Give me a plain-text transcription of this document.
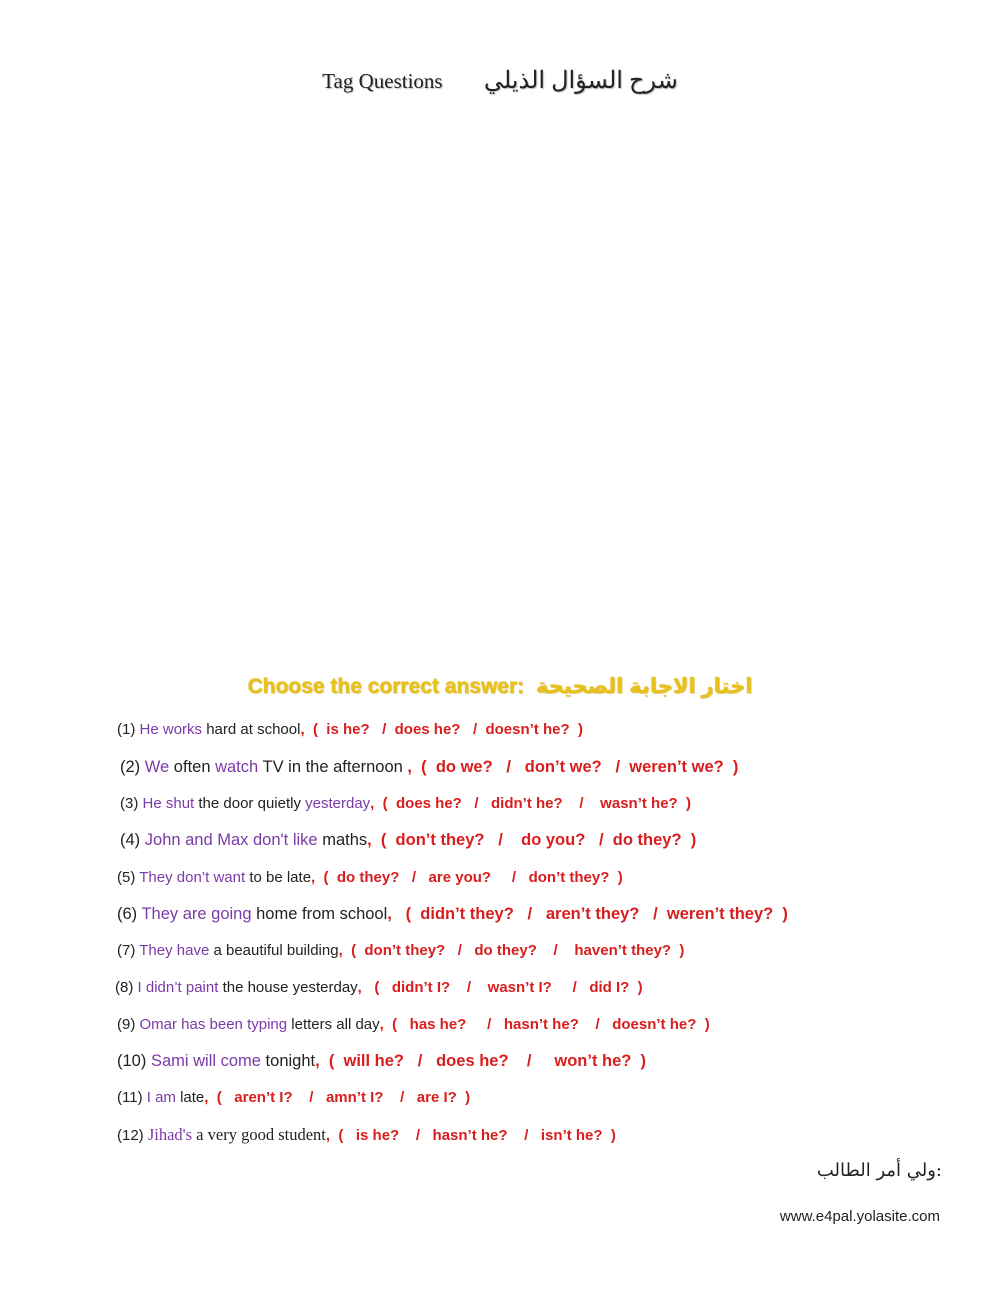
Tag Questions شرح السؤال الذيلي
Choose the correct answer: اختار الاجابة الصحيحة
(1) He works hard at school,  (  is he?   /  does he?   /  doesn’t he?  )
(2) We often watch TV in the afternoon ,  (  do we?   /   don’t we?   /  weren’t we?  )
(3) He shut the door quietly yesterday,  (  does he?   /   didn’t he?    /    wasn’t he?  )
(4) John and Max don't like maths,  (  don’t they?   /    do you?   /  do they?  )
(5) They don’t want to be late,  (  do they?   /   are you?     /   don’t they?  )
(6) They are going home from school,   (  didn’t they?   /   aren’t they?   /  weren’t they?  )
(7) They have a beautiful building,  (  don’t they?   /   do they?    /    haven’t they?  )
(8) I didn’t paint the house yesterday,   (   didn’t I?    /    wasn’t I?     /   did I?  )
(9) Omar has been typing letters all day,  (   has he?     /   hasn’t he?    /   doesn’t he?  )
(10) Sami will come tonight,  (  will he?   /   does he?    /     won’t he?  )
(11) I am late,  (   aren’t I?    /   amn’t I?    /   are I?  )
(12) Jihad's a very good student,  (   is he?    /   hasn’t he?    /   isn’t he?  )
ولي أمر الطالب:
www.e4pal.yolasite.com
